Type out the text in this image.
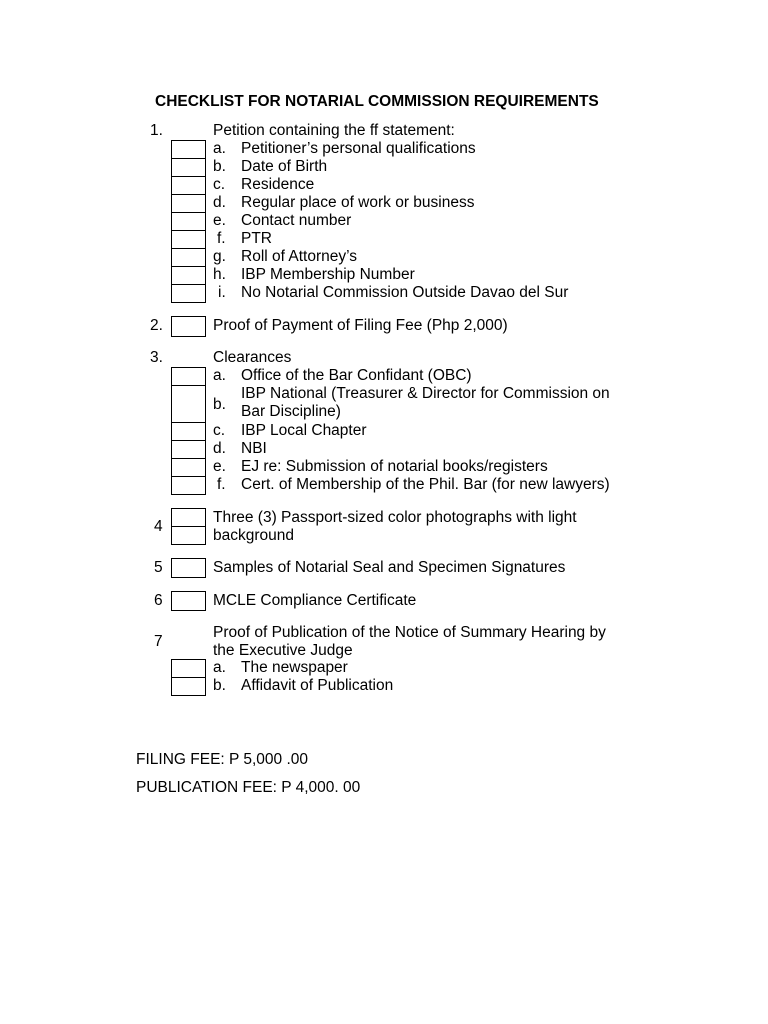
CHECKLIST FOR NOTARIAL COMMISSION REQUIREMENTS
1.	Petition containing the ff statement:
a. Petitioner’s personal qualifications
b. Date of Birth
c. Residence
d. Regular place of work or business
e. Contact number
f. PTR
g. Roll of Attorney’s
h. IBP Membership Number
i. No Notarial Commission Outside Davao del Sur
2.	Proof of Payment of Filing Fee (Php 2,000)
3.	Clearances
a. Office of the Bar Confidant (OBC)
b.
IBP National (Treasurer & Director for Commission on
Bar Discipline)
c. IBP Local Chapter
d. NBI
e. EJ re: Submission of notarial books/registers
f. Cert. of Membership of the Phil. Bar (for new lawyers)
4
Three (3) Passport-sized color photographs with light
background
5	Samples of Notarial Seal and Specimen Signatures
6	MCLE Compliance Certificate
7
Proof of Publication of the Notice of Summary Hearing by
the Executive Judge
a. The newspaper
b. Affidavit of Publication
FILING FEE: P 5,000 .00
PUBLICATION FEE: P 4,000. 00
